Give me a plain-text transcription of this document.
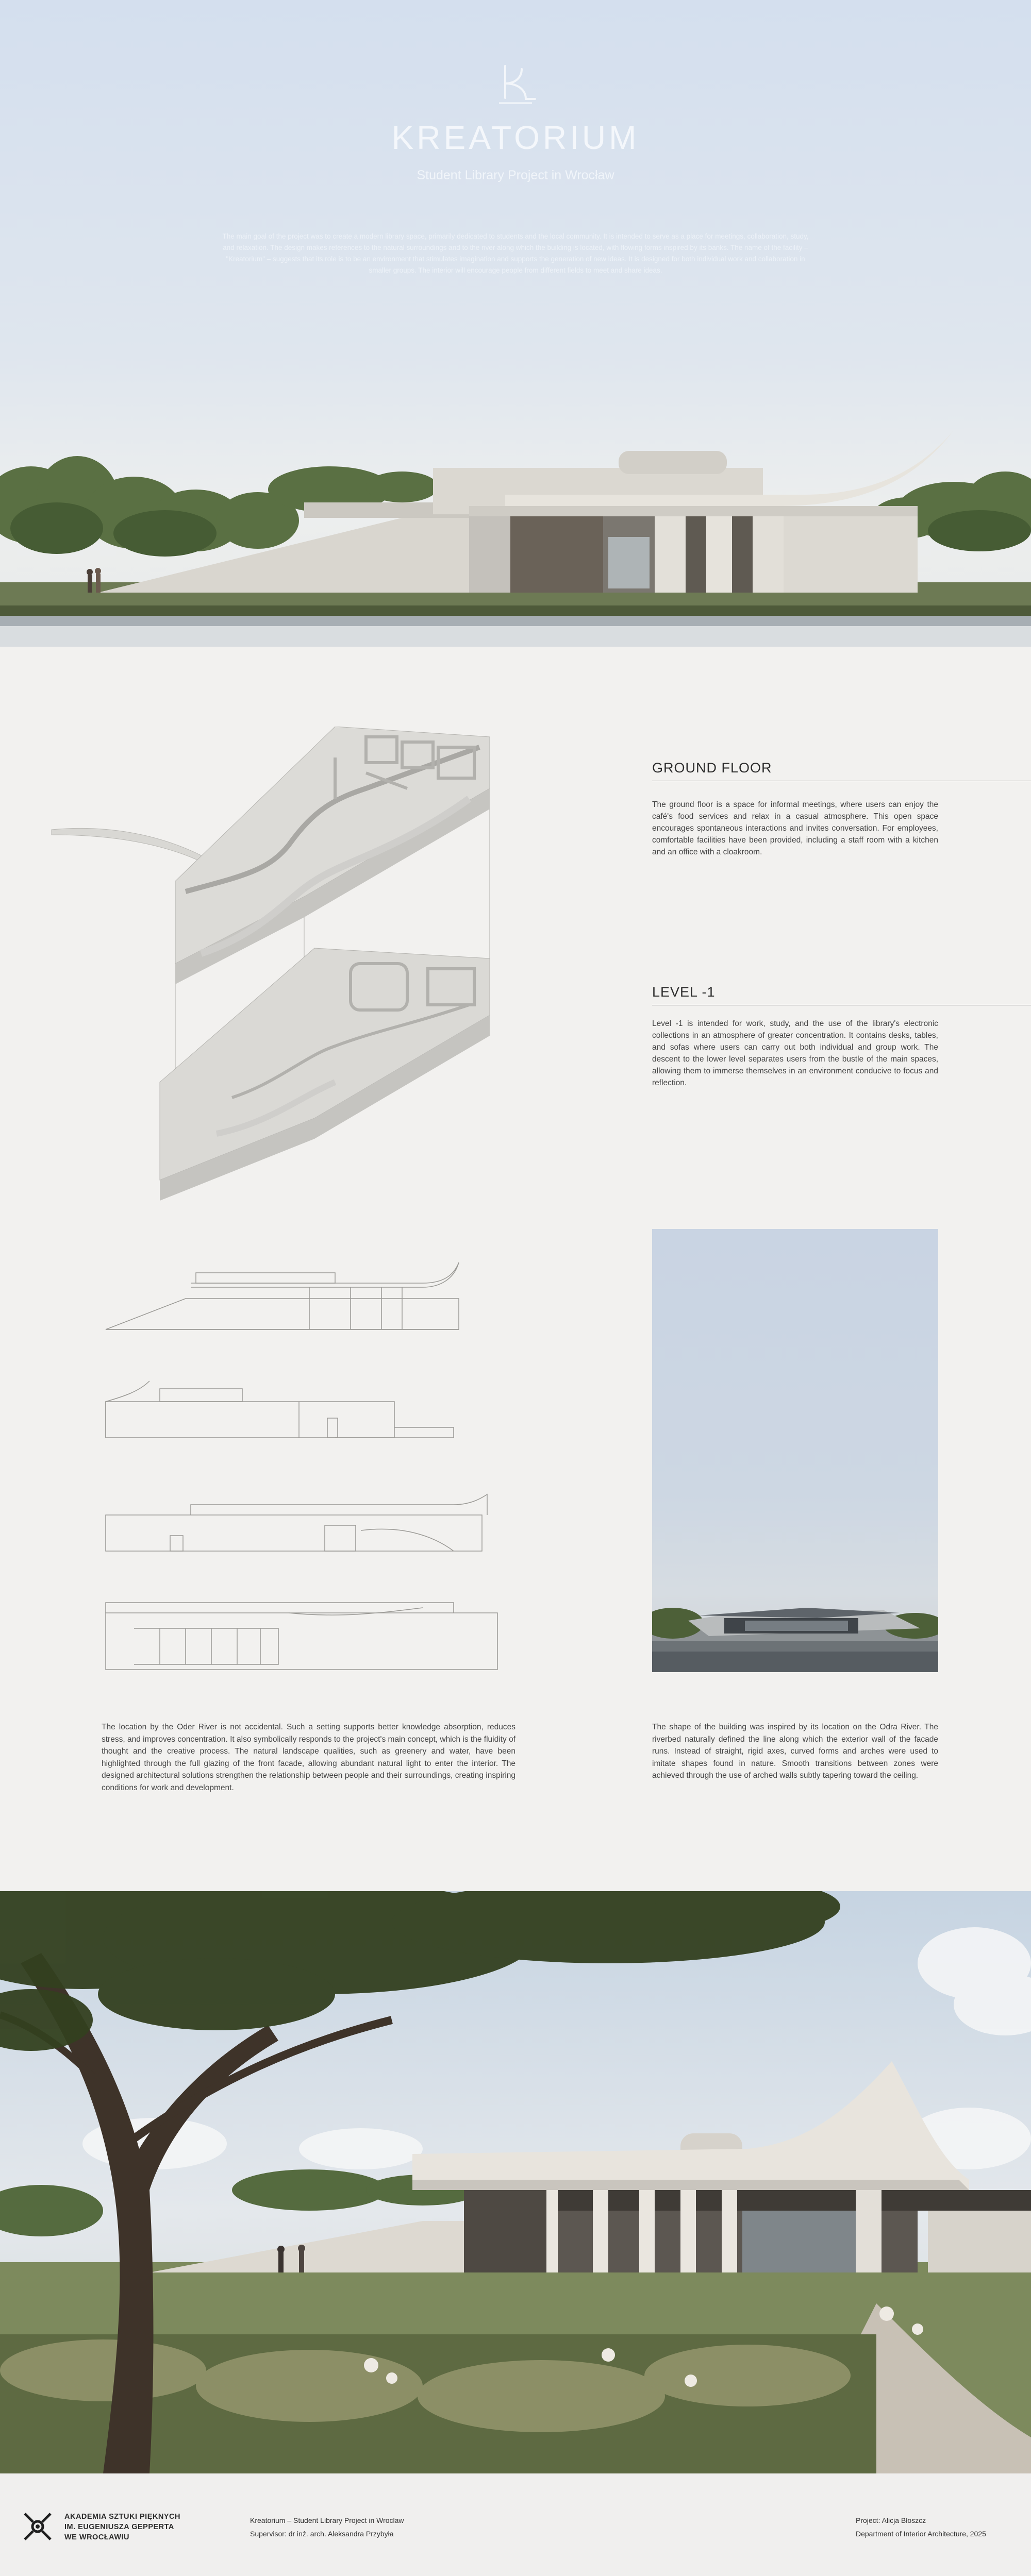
KREATORIUM
Student Library Project in Wrocław
The main goal of the project was to create a modern library space, primarily dedicated to students and the local community. It is intended to serve as a place for meetings, collaboration, study, and relaxation. The design makes references to the natural surroundings and to the river along which the building is located, with flowing forms inspired by its banks. The name of the facility – "Kreatorium" – suggests that its role is to be an environment that stimulates imagination and supports the generation of new ideas. It is designed for both individual work and collaboration in smaller groups. The interior will encourage people from different fields to meet and share ideas.
GROUND FLOOR
The ground floor is a space for informal meetings, where users can enjoy the café's food services and relax in a casual atmosphere. This open space encourages spontaneous interactions and invites conversation. For employees, comfortable facilities have been provided, including a staff room with a kitchen and an office with a cloakroom.
LEVEL -1
Level -1 is intended for work, study, and the use of the library's electronic collections in an atmosphere of greater concentration. It contains desks, tables, and sofas where users can carry out both individual and group work. The descent to the lower level separates users from the bustle of the main spaces, allowing them to immerse themselves in an environment conducive to focus and reflection.
The location by the Oder River is not accidental. Such a setting supports better knowledge absorption, reduces stress, and improves concentration. It also symbolically responds to the project's main concept, which is the fluidity of thought and the creative process. The natural landscape qualities, such as greenery and water, have been highlighted through the full glazing of the front facade, allowing abundant natural light to enter the interior. The designed architectural solutions strengthen the relationship between people and their surroundings, creating inspiring conditions for work and development.
The shape of the building was inspired by its location on the Odra River. The riverbed naturally defined the line along which the exterior wall of the facade runs. Instead of straight, rigid axes, curved forms and arches were used to imitate shapes found in nature. Smooth transitions between zones were achieved through the use of arched walls subtly tapering toward the ceiling.
AKADEMIA SZTUKI PIĘKNYCH
IM. EUGENIUSZA GEPPERTA
WE WROCŁAWIU
Kreatorium – Student Library Project in Wroclaw
Supervisor: dr inż. arch. Aleksandra Przybyła
Project: Alicja Błoszcz
Department of Interior Architecture, 2025
